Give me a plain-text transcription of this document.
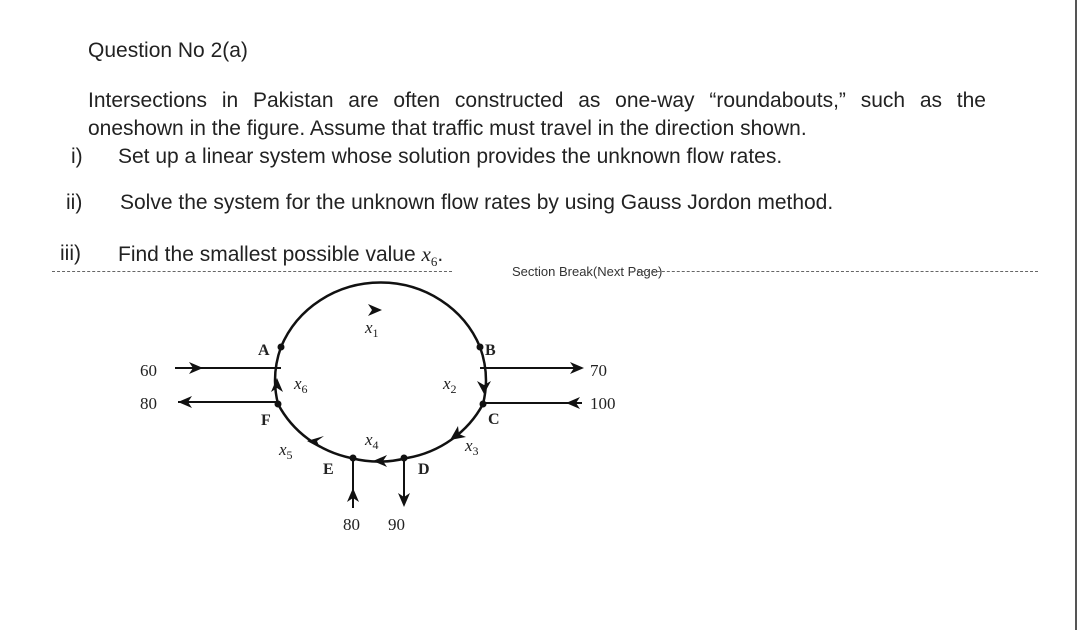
Question No 2(a)
Intersections in Pakistan are often constructed as one-way “roundabouts,” such as the oneshown in the figure. Assume that traffic must travel in the direction shown.
i) Set up a linear system whose solution provides the unknown flow rates.
ii) Solve the system for the unknown flow rates by using Gauss Jordon method.
iii) Find the smallest possible value $x_6$.
Section Break(Next Page)
A	B
C
D
E
F
$x_1$
$x_2$
$x_3$
$x_4$
$x_5$
$x_6$
60
80
70
100
80 90
